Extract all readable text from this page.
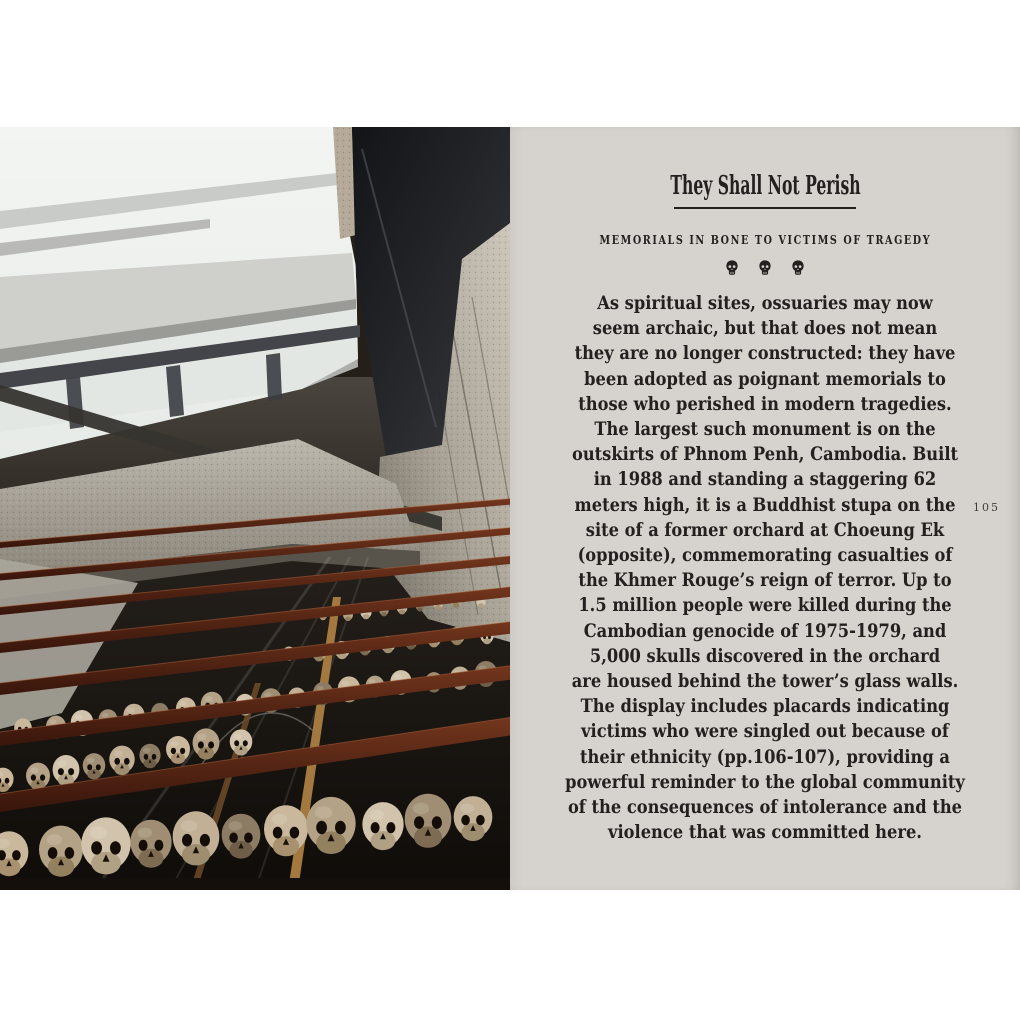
They Shall Not Perish
MEMORIALS IN BONE TO VICTIMS OF TRAGEDY
As spiritual sites, ossuaries may now
seem archaic, but that does not mean
they are no longer constructed: they have
been adopted as poignant memorials to
those who perished in modern tragedies.
The largest such monument is on the
outskirts of Phnom Penh, Cambodia. Built
in 1988 and standing a staggering 62
meters high, it is a Buddhist stupa on the
site of a former orchard at Choeung Ek
(opposite), commemorating casualties of
the Khmer Rouge’s reign of terror. Up to
1.5 million people were killed during the
Cambodian genocide of 1975-1979, and
5,000 skulls discovered in the orchard
are housed behind the tower’s glass walls.
The display includes placards indicating
victims who were singled out because of
their ethnicity (pp.106-107), providing a
powerful reminder to the global community
of the consequences of intolerance and the
violence that was committed here.
105
